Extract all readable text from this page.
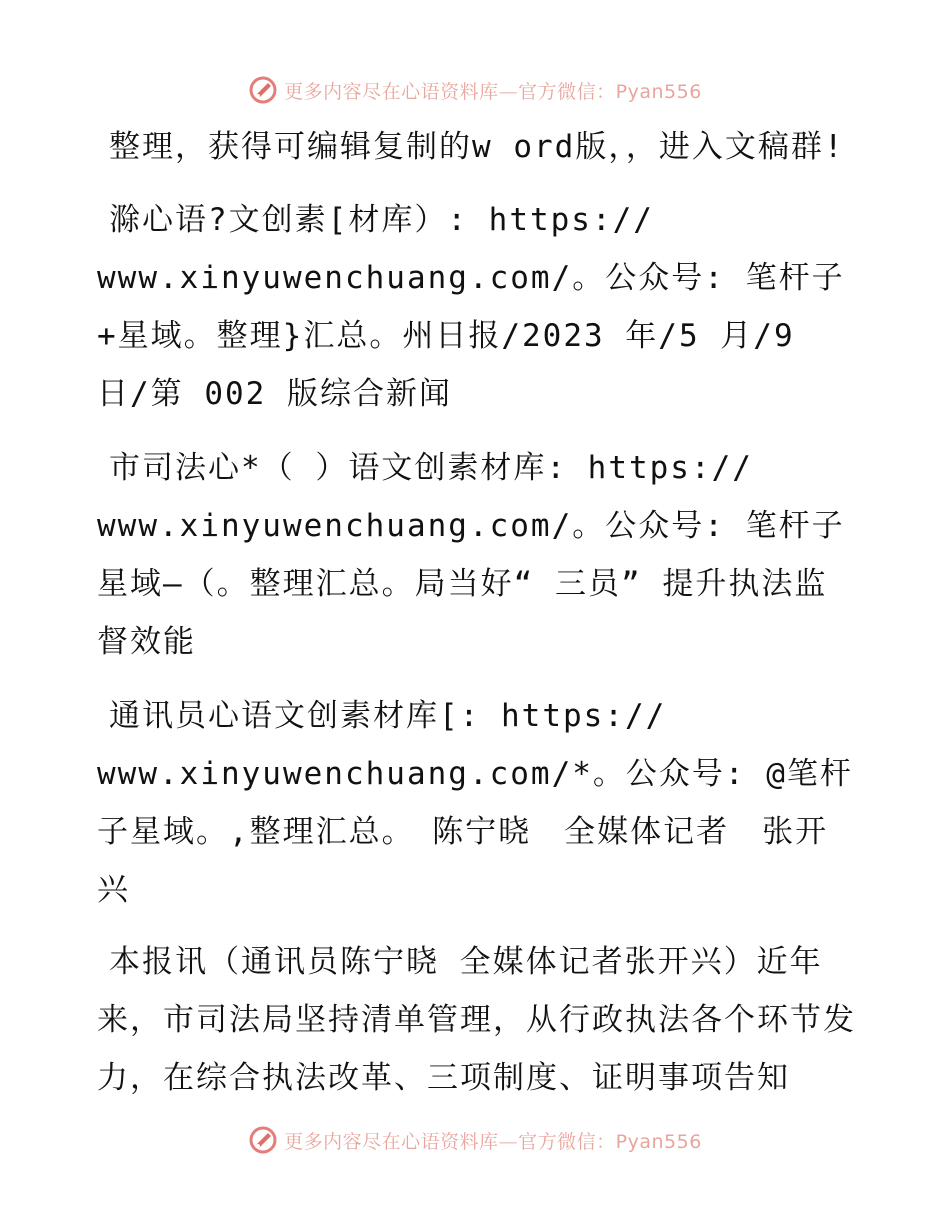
更多内容尽在心语资料库—官方微信：Pyan556

整理，获得可编辑复制的w ord版，，进入文稿群!

滁心语?文创素[材库）: https://
www.xinyuwenchuang.com/。公众号: 笔杆子+星域。整理}汇总。州日报/2023 年/5 月/9 日/第 002 版综合新闻

市司法心*（ ）语文创素材库: https://
www.xinyuwenchuang.com/。公众号: 笔杆子星域—（。整理汇总。局当好“ 三员” 提升执法监督效能

通讯员心语文创素材库[: https://
www.xinyuwenchuang.com/*。公众号: @笔杆子星域。,整理汇总。　陈宁晓　全媒体记者　张开兴

本报讯（通讯员陈宁晓 全媒体记者张开兴）近年来，市司法局坚持清单管理，从行政执法各个环节发力，在综合执法改革、三项制度、证明事项告知

更多内容尽在心语资料库—官方微信：Pyan556
